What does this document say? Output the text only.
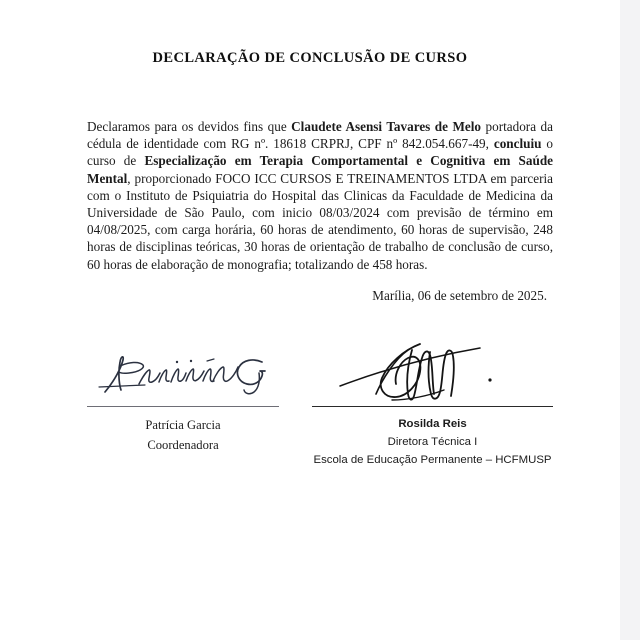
DECLARAÇÃO DE CONCLUSÃO DE CURSO
Declaramos para os devidos fins que Claudete Asensi Tavares de Melo portadora da cédula de identidade com RG nº. 18618 CRPRJ, CPF nº 842.054.667-49, concluiu o curso de Especialização em Terapia Comportamental e Cognitiva em Saúde Mental, proporcionado FOCO ICC CURSOS E TREINAMENTOS LTDA em parceria com o Instituto de Psiquiatria do Hospital das Clinicas da Faculdade de Medicina da Universidade de São Paulo, com inicio 08/03/2024 com previsão de término em 04/08/2025, com carga horária, 60 horas de atendimento, 60 horas de supervisão, 248 horas de disciplinas teóricas, 30 horas de orientação de trabalho de conclusão de curso, 60 horas de elaboração de monografia; totalizando de 458 horas.
Marília, 06 de setembro de 2025.
Patrícia Garcia
Coordenadora
Rosilda Reis
Diretora Técnica I
Escola de Educação Permanente – HCFMUSP
